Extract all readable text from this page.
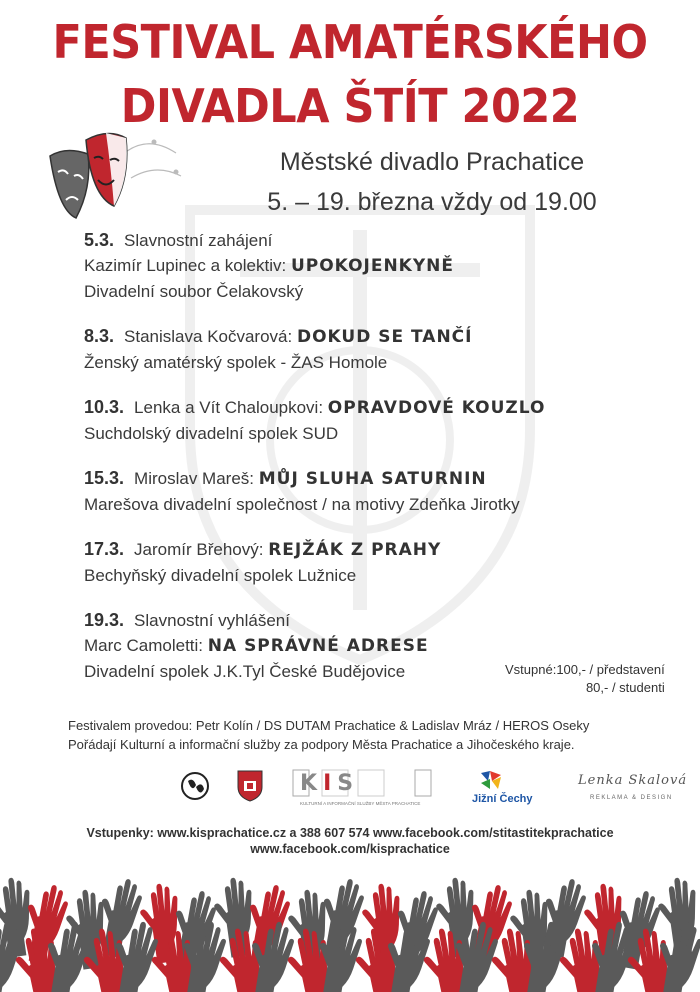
FESTIVAL AMATÉRSKÉHO
DIVADLA ŠTÍT 2022
Městské divadlo Prachatice
5. – 19. března vždy od 19.00
5.3. Slavnostní zahájení
Kazimír Lupinec a kolektiv: UPOKOJENKYNĚ
Divadelní soubor Čelakovský
8.3. Stanislava Kočvarová: DOKUD SE TANČÍ
Ženský amatérský spolek - ŽAS Homole
10.3. Lenka a Vít Chaloupkovi: OPRAVDOVÉ KOUZLO
Suchdolský divadelní spolek SUD
15.3. Miroslav Mareš: MŮJ SLUHA SATURNIN
Marešova divadelní společnost / na motivy Zdeňka Jirotky
17.3. Jaromír Břehový: REJŽÁK Z PRAHY
Bechyňský divadelní spolek Lužnice
19.3. Slavnostní vyhlášení
Marc Camoletti: NA SPRÁVNÉ ADRESE
Divadelní spolek J.K.Tyl České Budějovice	Vstupné:100,- / představení
80,- / studenti
Festivalem provedou: Petr Kolín / DS DUTAM Prachatice & Ladislav Mráz / HEROS Oseky
Pořádají Kulturní a informační služby za podpory Města Prachatice a Jihočeského kraje.
KIS
KULTURNÍ A INFORMAČNÍ SLUŽBY MĚSTA PRACHATICE	Jižní Čechy
Lenka Skalová
REKLAMA & DESIGN
Vstupenky: www.kisprachatice.cz a 388 607 574 www.facebook.com/stitastitekprachatice
www.facebook.com/kisprachatice
